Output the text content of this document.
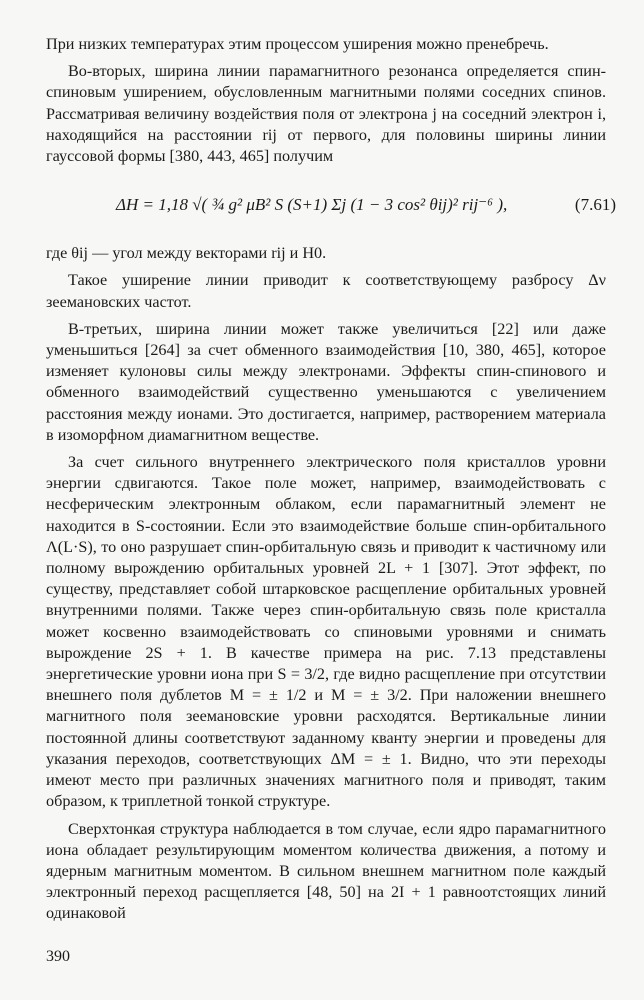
При низких температурах этим процессом уширения можно пренебречь.

Во-вторых, ширина линии парамагнитного резонанса определяется спин-спиновым уширением, обусловленным магнитными полями соседних спинов. Рассматривая величину воздействия поля от электрона j на соседний электрон i, находящийся на расстоянии rij от первого, для половины ширины линии гауссовой формы [380, 443, 465] получим

ΔH = 1,18 √( ¾ g² μB² S (S+1) Σj (1 − 3 cos² θij)² rij⁻⁶ ),	(7.61)

где θij — угол между векторами rij и H0.

Такое уширение линии приводит к соответствующему разбросу Δν зеемановских частот.

В-третьих, ширина линии может также увеличиться [22] или даже уменьшиться [264] за счет обменного взаимодействия [10, 380, 465], которое изменяет кулоновы силы между электронами. Эффекты спин-спинового и обменного взаимодействий существенно уменьшаются с увеличением расстояния между ионами. Это достигается, например, растворением материала в изоморфном диамагнитном веществе.

За счет сильного внутреннего электрического поля кристаллов уровни энергии сдвигаются. Такое поле может, например, взаимодействовать с несферическим электронным облаком, если парамагнитный элемент не находится в S-состоянии. Если это взаимодействие больше спин-орбитального Λ(L·S), то оно разрушает спин-орбитальную связь и приводит к частичному или полному вырождению орбитальных уровней 2L + 1 [307]. Этот эффект, по существу, представляет собой штарковское расщепление орбитальных уровней внутренними полями. Также через спин-орбитальную связь поле кристалла может косвенно взаимодействовать со спиновыми уровнями и снимать вырождение 2S + 1. В качестве примера на рис. 7.13 представлены энергетические уровни иона при S = 3/2, где видно расщепление при отсутствии внешнего поля дублетов M = ± 1/2 и M = ± 3/2. При наложении внешнего магнитного поля зеемановские уровни расходятся. Вертикальные линии постоянной длины соответствуют заданному кванту энергии и проведены для указания переходов, соответствующих ΔM = ± 1. Видно, что эти переходы имеют место при различных значениях магнитного поля и приводят, таким образом, к триплетной тонкой структуре.

Сверхтонкая структура наблюдается в том случае, если ядро парамагнитного иона обладает результирующим моментом количества движения, а потому и ядерным магнитным моментом. В сильном внешнем магнитном поле каждый электронный переход расщепляется [48, 50] на 2I + 1 равноотстоящих линий одинаковой

390
